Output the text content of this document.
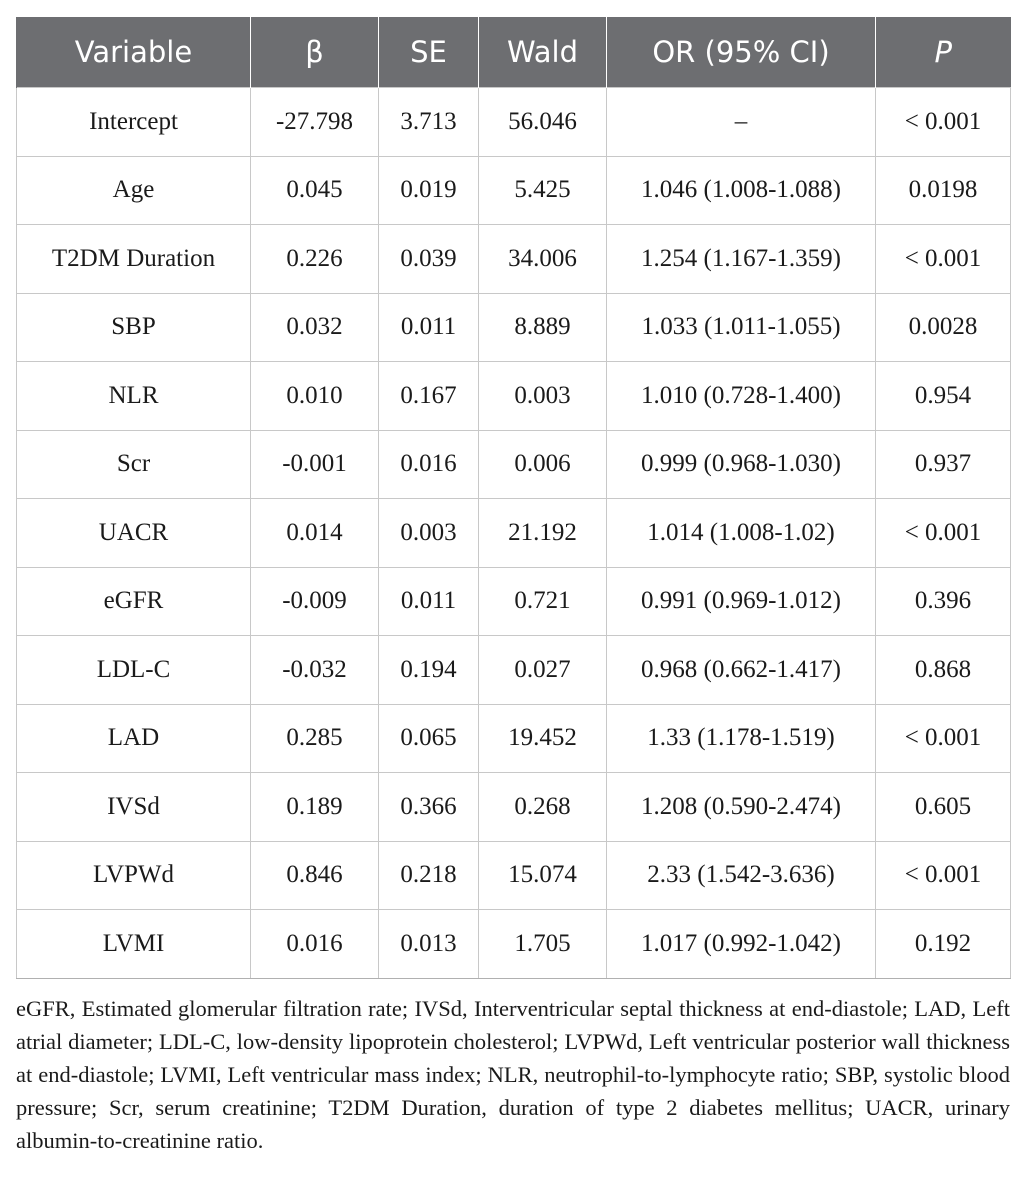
Variable	β	SE	Wald	OR (95% CI)	P
Intercept	-27.798	3.713	56.046	–	< 0.001
Age	0.045	0.019	5.425	1.046 (1.008-1.088)	0.0198
T2DM Duration	0.226	0.039	34.006	1.254 (1.167-1.359)	< 0.001
SBP	0.032	0.011	8.889	1.033 (1.011-1.055)	0.0028
NLR	0.010	0.167	0.003	1.010 (0.728-1.400)	0.954
Scr	-0.001	0.016	0.006	0.999 (0.968-1.030)	0.937
UACR	0.014	0.003	21.192	1.014 (1.008-1.02)	< 0.001
eGFR	-0.009	0.011	0.721	0.991 (0.969-1.012)	0.396
LDL-C	-0.032	0.194	0.027	0.968 (0.662-1.417)	0.868
LAD	0.285	0.065	19.452	1.33 (1.178-1.519)	< 0.001
IVSd	0.189	0.366	0.268	1.208 (0.590-2.474)	0.605
LVPWd	0.846	0.218	15.074	2.33 (1.542-3.636)	< 0.001
LVMI	0.016	0.013	1.705	1.017 (0.992-1.042)	0.192

eGFR, Estimated glomerular filtration rate; IVSd, Interventricular septal thickness at end-diastole; LAD, Left atrial diameter; LDL-C, low-density lipoprotein cholesterol; LVPWd, Left ventricular posterior wall thickness at end-diastole; LVMI, Left ventricular mass index; NLR, neutrophil-to-lymphocyte ratio; SBP, systolic blood pressure; Scr, serum creatinine; T2DM Duration, duration of type 2 diabetes mellitus; UACR, urinary albumin-to-creatinine ratio.
